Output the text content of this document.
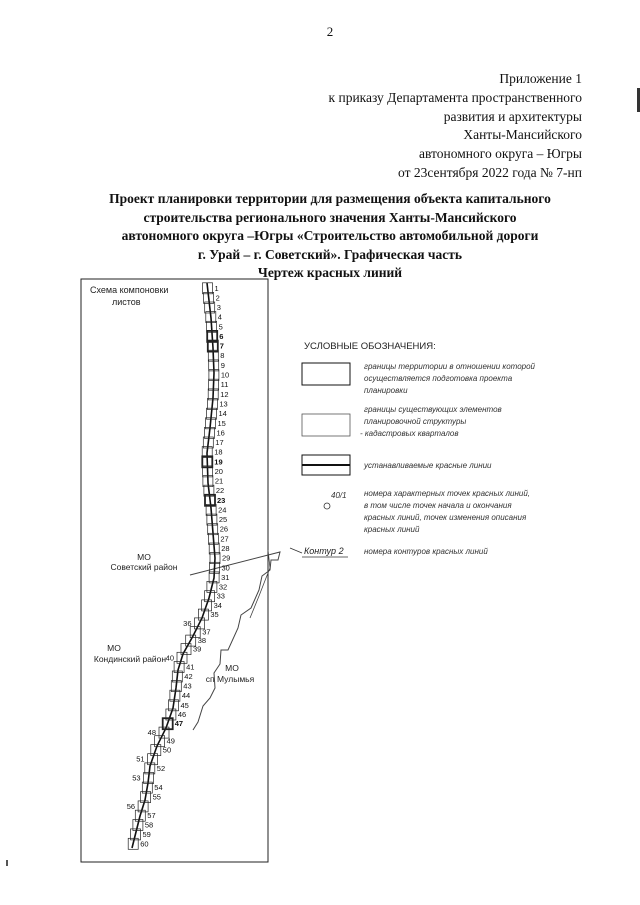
2
Приложение 1
к приказу Департамента пространственного
развития и архитектуры
Ханты-Мансийского
автономного округа – Югры
от 23сентября 2022 года № 7-нп
Проект планировки территории для размещения объекта капитального
строительства регионального значения Ханты-Мансийского
автономного округа –Югры «Строительство автомобильной дороги
г. Урай – г. Советский». Графическая часть
Чертеж красных линий
Схема компоновки
листов
МО
Советский район
МО
Кондинский район
МО
сп Мулымья
1
2
3
4
5
6
7
8
9
10
11
12
13
14
15
16
17
18
19
20
21
22
23
24
25
26
27
28
29
30
31
32
33
34
35
36
37
38
39
40
41
42
43
44
45
46
47
48
49
50
51
52
53
54
55
56
57
58
59
60
УСЛОВНЫЕ ОБОЗНАЧЕНИЯ:
границы территории в отношении которой
осуществляется подготовка проекта
планировки
границы существующих элементов
планировочной структуры
- кадастровых кварталов
устанавливаемые красные линии
40/1 номера характерных точек красных линий,
в том числе точек начала и окончания
красных линий, точек изменения описания
красных линий
Контур 2	номера контуров красных линий
